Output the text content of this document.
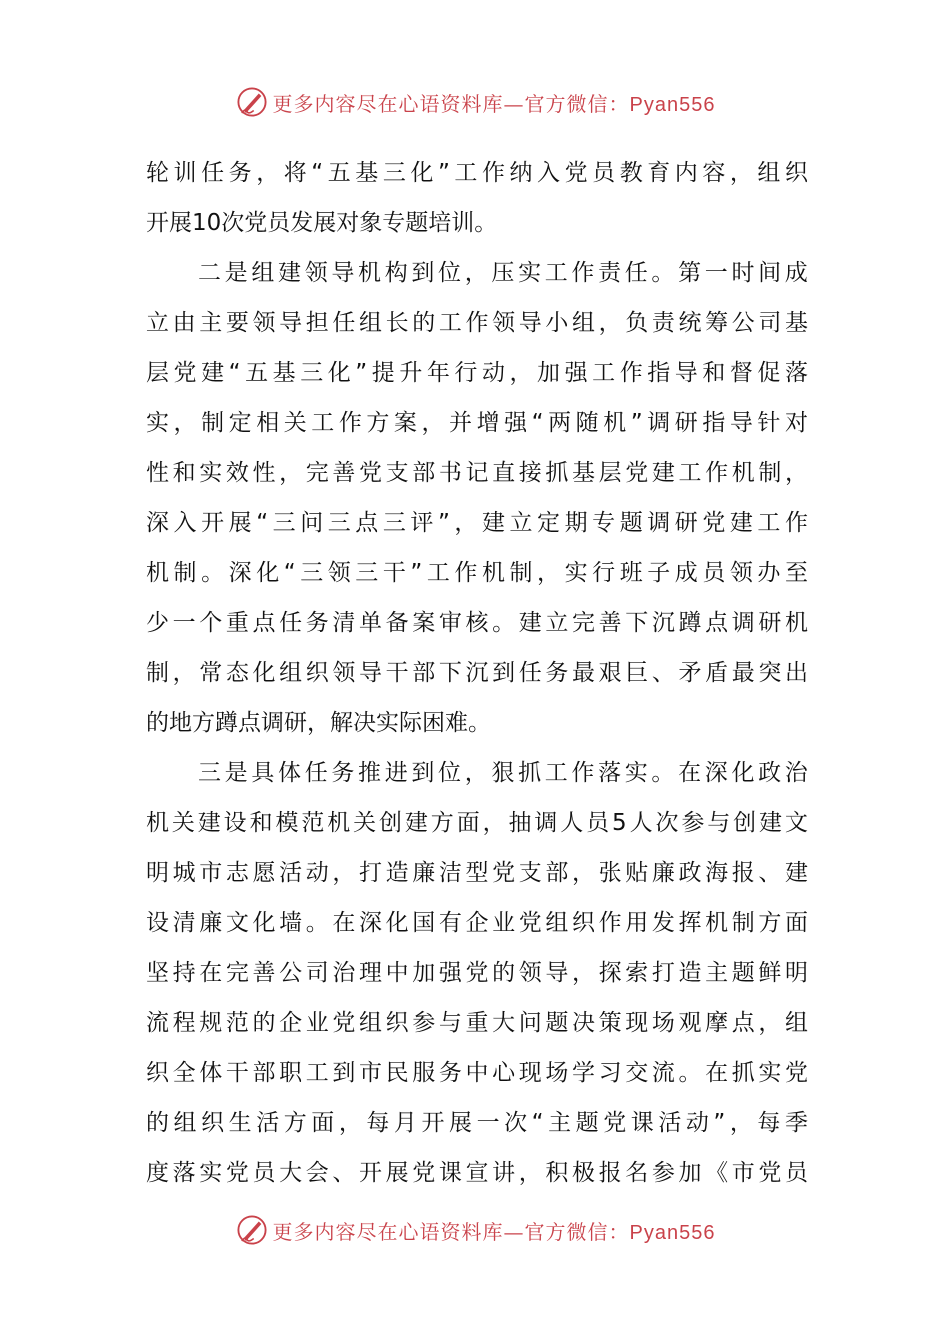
更多内容尽在心语资料库—官方微信：Pyan556
轮 训 任 务 ， 将 “ 五 基 三 化 ” 工 作 纳 入 党 员 教 育 内 容 ， 组 织
开展10次党员发展对象专题培训。
二 是 组 建 领 导 机 构 到 位 ， 压 实 工 作 责 任 。 第 一 时 间 成
立 由 主 要 领 导 担 任 组 长 的 工 作 领 导 小 组 ， 负 责 统 筹 公 司 基
层 党 建 “ 五 基 三 化 ” 提 升 年 行 动 ， 加 强 工 作 指 导 和 督 促 落
实 ， 制 定 相 关 工 作 方 案 ， 并 增 强 “ 两 随 机 ” 调 研 指 导 针 对
性 和 实 效 性 ， 完 善 党 支 部 书 记 直 接 抓 基 层 党 建 工 作 机 制 ，
深 入 开 展 “ 三 问 三 点 三 评 ” ， 建 立 定 期 专 题 调 研 党 建 工 作
机 制 。 深 化 “ 三 领 三 干 ” 工 作 机 制 ， 实 行 班 子 成 员 领 办 至
少 一 个 重 点 任 务 清 单 备 案 审 核 。 建 立 完 善 下 沉 蹲 点 调 研 机
制 ， 常 态 化 组 织 领 导 干 部 下 沉 到 任 务 最 艰 巨 、 矛 盾 最 突 出
的地方蹲点调研，解决实际困难。
三 是 具 体 任 务 推 进 到 位 ， 狠 抓 工 作 落 实 。 在 深 化 政 治
机 关 建 设 和 模 范 机 关 创 建 方 面 ， 抽 调 人 员 5 人 次 参 与 创 建 文
明 城 市 志 愿 活 动 ， 打 造 廉 洁 型 党 支 部 ， 张 贴 廉 政 海 报 、 建
设 清 廉 文 化 墙 。 在 深 化 国 有 企 业 党 组 织 作 用 发 挥 机 制 方 面
坚 持 在 完 善 公 司 治 理 中 加 强 党 的 领 导 ， 探 索 打 造 主 题 鲜 明
流 程 规 范 的 企 业 党 组 织 参 与 重 大 问 题 决 策 现 场 观 摩 点 ， 组
织 全 体 干 部 职 工 到 市 民 服 务 中 心 现 场 学 习 交 流 。 在 抓 实 党
的 组 织 生 活 方 面 ， 每 月 开 展 一 次 “ 主 题 党 课 活 动 ” ， 每 季
度 落 实 党 员 大 会 、 开 展 党 课 宣 讲 ， 积 极 报 名 参 加 《 市 党 员
更多内容尽在心语资料库—官方微信：Pyan556
